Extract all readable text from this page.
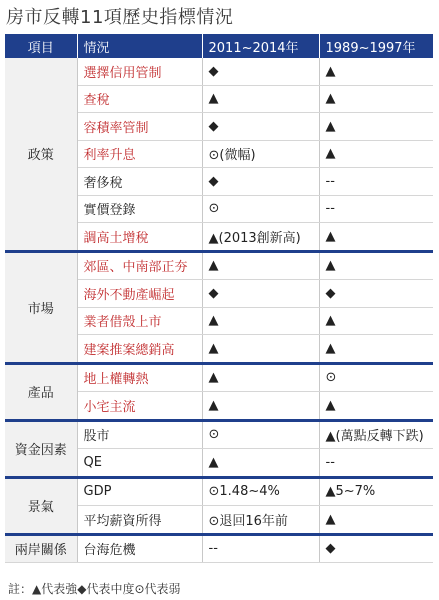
房市反轉11項歷史指標情況
項目	情況	2011~2014年	1989~1997年
政策	選擇信用管制	◆	▲
	查稅	▲	▲
	容積率管制	◆	▲
	利率升息	⊙(微幅)	▲
	奢侈稅	◆	--
	實價登錄	⊙	--
	調高土增稅	▲(2013創新高)	▲
市場	郊區、中南部正夯	▲	▲
	海外不動產崛起	◆	◆
	業者借殼上市	▲	▲
	建案推案總銷高	▲	▲
產品	地上權轉熱	▲	⊙
	小宅主流	▲	▲
資金因素	股市	⊙	▲(萬點反轉下跌)
	QE	▲	--
景氣	GDP	⊙1.48~4%	▲5~7%
	平均薪資所得	⊙退回16年前	▲
兩岸關係	台海危機	--	◆
註：▲代表強◆代表中度⊙代表弱
